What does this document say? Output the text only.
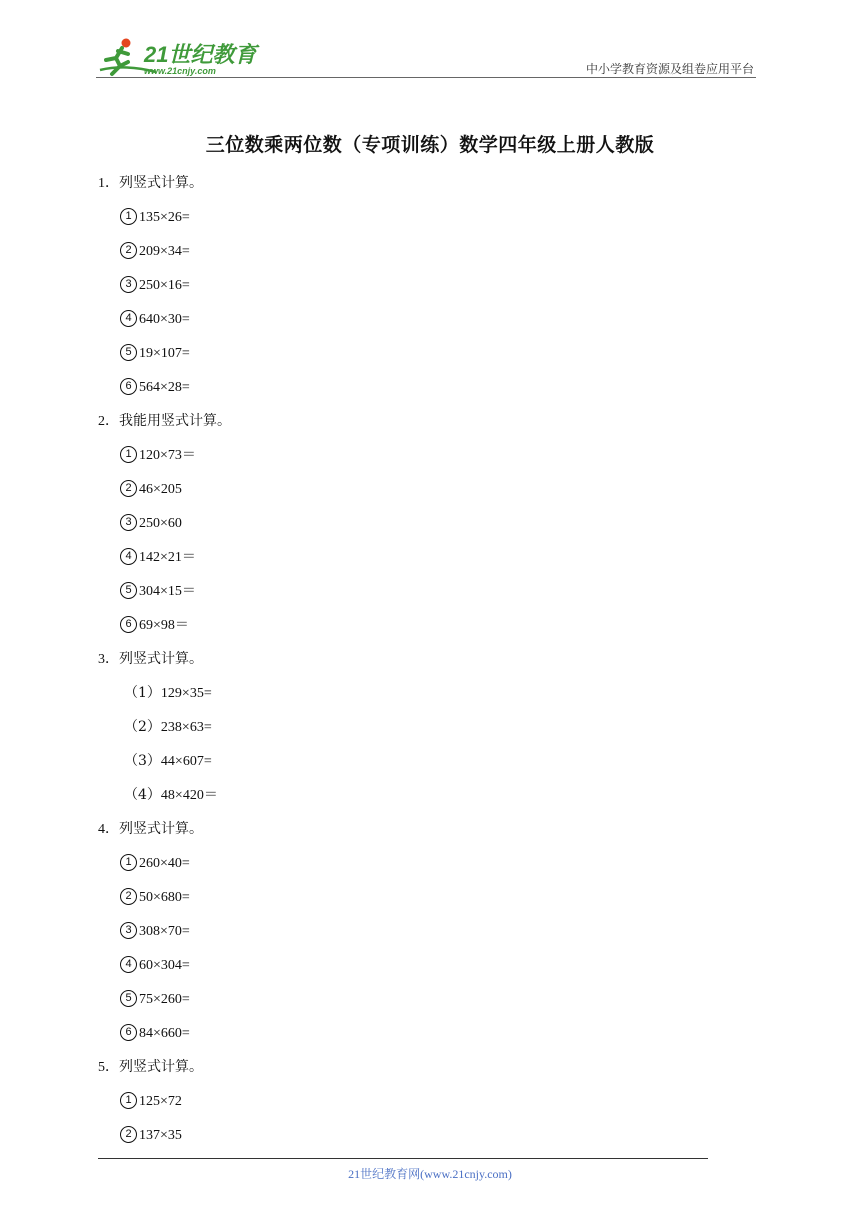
21世纪教育
www.21cnjy.com	中小学教育资源及组卷应用平台
三位数乘两位数（专项训练）数学四年级上册人教版
1．列竖式计算。
1 135×26=
2 209×34=
3 250×16=
4 640×30=
5 19×107=
6 564×28=
2．我能用竖式计算。
1 120×73＝
2 46×205
3 250×60
4 142×21＝
5 304×15＝
6 69×98＝
3．列竖式计算。
（1）129×35=
（2）238×63=
（3）44×607=
（4）48×420＝
4．列竖式计算。
1 260×40=
2 50×680=
3 308×70=
4 60×304=
5 75×260=
6 84×660=
5．列竖式计算。
1 125×72
2 137×35
21世纪教育网(www.21cnjy.com)
